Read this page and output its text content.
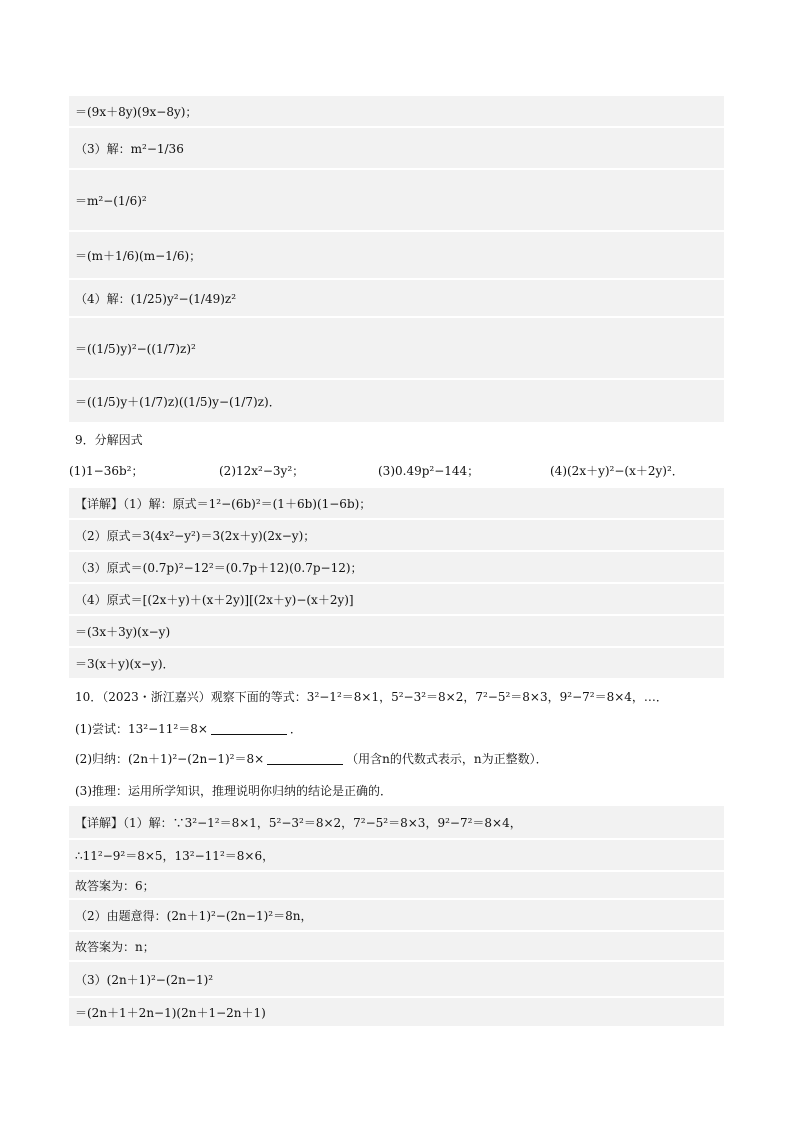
＝(9x＋8y)(9x−8y)；
（3）解：m²−1/36
＝m²−(1/6)²
＝(m＋1/6)(m−1/6)；
（4）解：(1/25)y²−(1/49)z²
＝((1/5)y)²−((1/7)z)²
＝((1/5)y＋(1/7)z)((1/5)y−(1/7)z)．
9．分解因式
(1)1−36b²；	(2)12x²−3y²；	(3)0.49p²−144；	(4)(2x＋y)²−(x＋2y)²．
【详解】（1）解：原式＝1²−(6b)²＝(1＋6b)(1−6b)；
（2）原式＝3(4x²−y²)＝3(2x＋y)(2x−y)；
（3）原式＝(0.7p)²−12²＝(0.7p＋12)(0.7p−12)；
（4）原式＝[(2x＋y)＋(x＋2y)][(2x＋y)−(x＋2y)]
＝(3x＋3y)(x−y)
＝3(x＋y)(x−y)．
10．（2023・浙江嘉兴）观察下面的等式：3²−1²＝8×1，5²−3²＝8×2，7²−5²＝8×3，9²−7²＝8×4，…．
(1)尝试：13²−11²＝8×	．
(2)归纳：(2n＋1)²−(2n−1)²＝8×	（用含n的代数式表示，n为正整数）．
(3)推理：运用所学知识，推理说明你归纳的结论是正确的．
【详解】（1）解：∵3²−1²＝8×1，5²−3²＝8×2，7²−5²＝8×3，9²−7²＝8×4，
∴11²−9²＝8×5，13²−11²＝8×6，
故答案为：6；
（2）由题意得：(2n＋1)²−(2n−1)²＝8n，
故答案为：n；
（3）(2n＋1)²−(2n−1)²
＝(2n＋1＋2n−1)(2n＋1−2n＋1)
